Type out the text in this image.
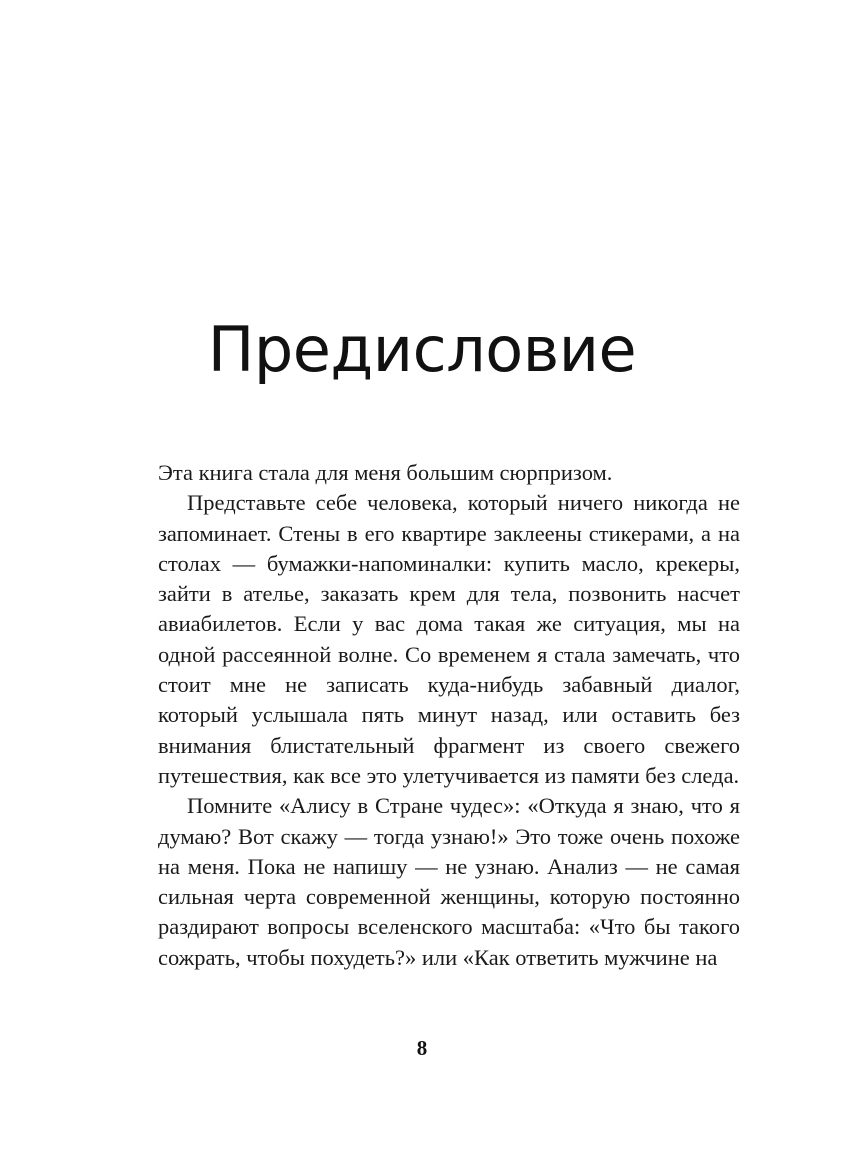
Предисловие

Эта книга стала для меня большим сюрпризом.

Представьте себе человека, который ничего никогда не запоминает. Стены в его квартире заклеены стикерами, а на столах — бумажки-напоминалки: купить масло, крекеры, зайти в ателье, заказать крем для тела, позвонить насчет авиабилетов. Если у вас дома такая же ситуация, мы на одной рассеянной волне. Со временем я стала замечать, что стоит мне не записать куда-нибудь забавный диалог, который услышала пять минут назад, или оставить без внимания блистательный фрагмент из своего свежего путешествия, как все это улетучивается из памяти без следа.

Помните «Алису в Стране чудес»: «Откуда я знаю, что я думаю? Вот скажу — тогда узнаю!» Это тоже очень похоже на меня. Пока не напишу — не узнаю. Анализ — не самая сильная черта современной женщины, которую постоянно раздирают вопросы вселенского масштаба: «Что бы такого сожрать, чтобы похудеть?» или «Как ответить мужчине на

8
